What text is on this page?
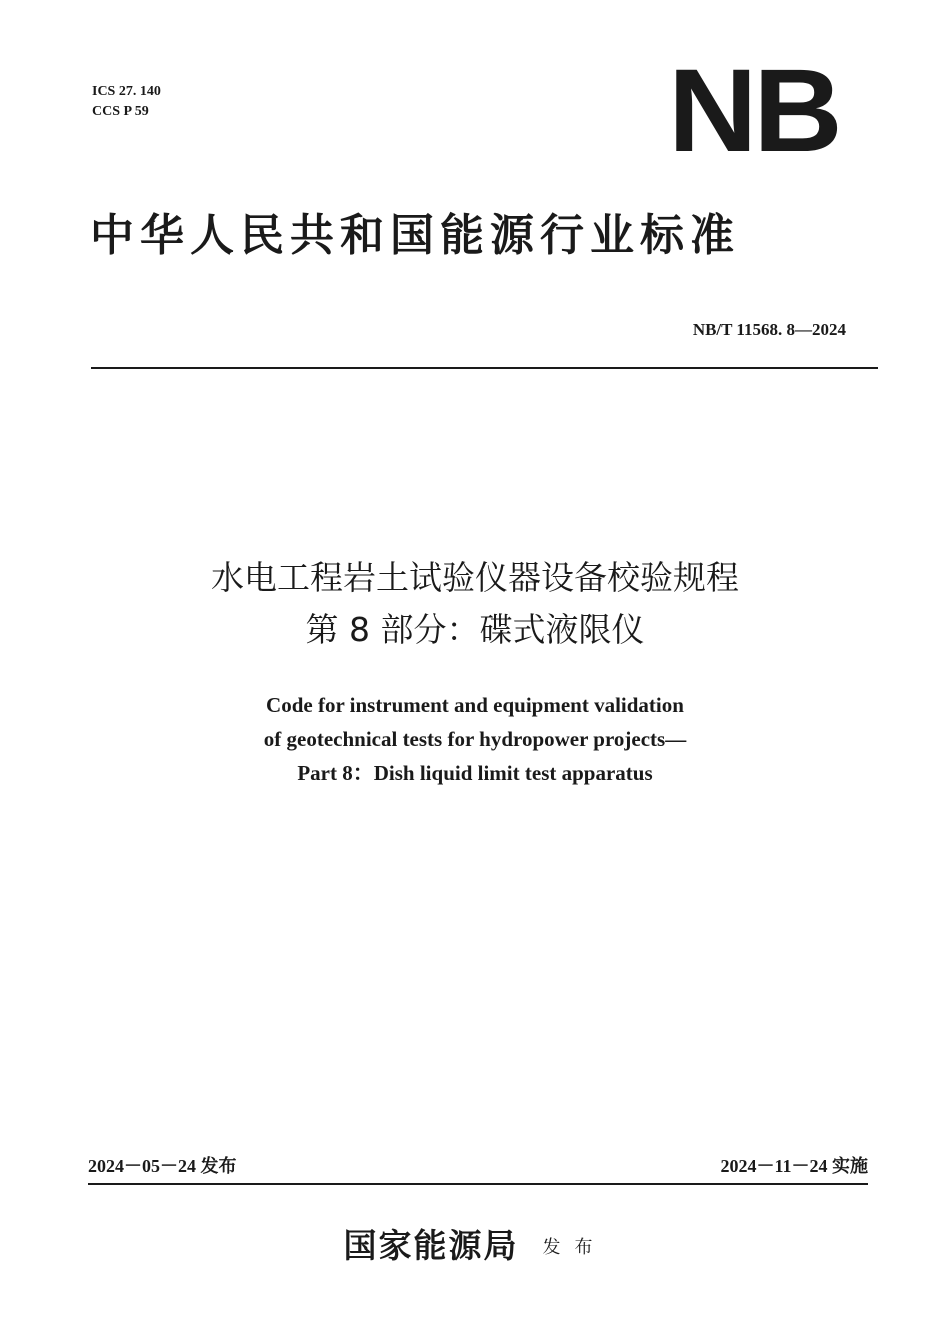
ICS 27. 140
CCS P 59	NB
中华人民共和国能源行业标准
NB/T 11568. 8—2024
水电工程岩土试验仪器设备校验规程
第 8 部分：碟式液限仪
Code for instrument and equipment validation
of geotechnical tests for hydropower projects—
Part 8：Dish liquid limit test apparatus
2024－05－24 发布	2024－11－24 实施
国家能源局 发布
